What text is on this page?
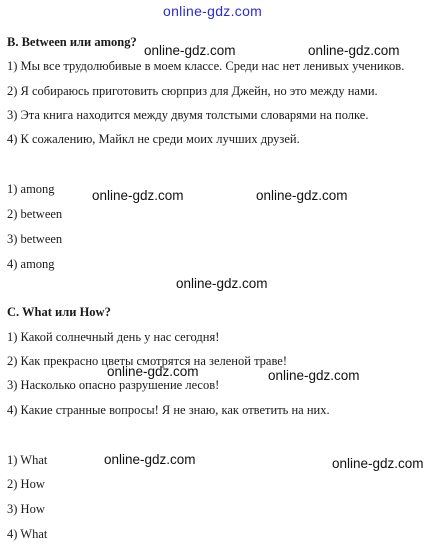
online-gdz.com
B. Between или among?
online-gdz.com	online-gdz.com
1) Мы все трудолюбивые в моем классе. Среди нас нет ленивых учеников.
2) Я собираюсь приготовить сюрприз для Джейн, но это между нами.
3) Эта книга находится между двумя толстыми словарями на полке.
4) К сожалению, Майкл не среди моих лучших друзей.
1) among	online-gdz.com	online-gdz.com
2) between
3) between
4) among
online-gdz.com
C. What или How?
1) Какой солнечный день у нас сегодня!
2) Как прекрасно цветы смотрятся на зеленой траве!
online-gdz.com	online-gdz.com
3) Насколько опасно разрушение лесов!
4) Какие странные вопросы! Я не знаю, как ответить на них.
1) What	online-gdz.com	online-gdz.com
2) How
3) How
4) What
